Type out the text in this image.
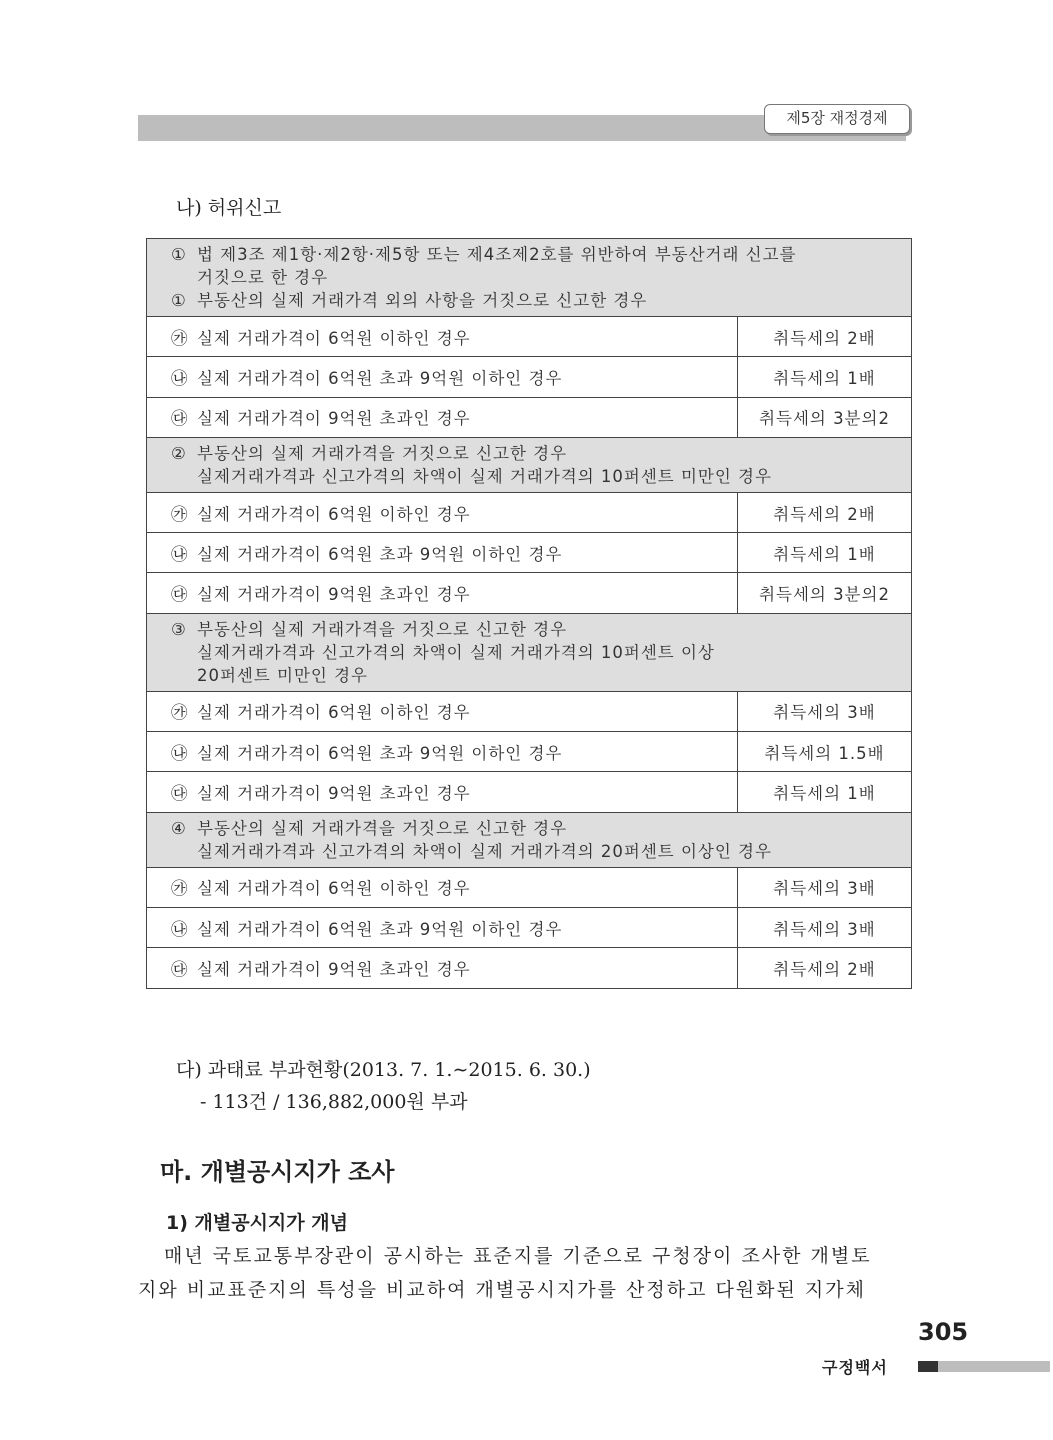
제5장 재정경제
나) 허위신고
① 법 제3조 제1항·제2항·제5항 또는 제4조제2호를 위반하여 부동산거래 신고를
거짓으로 한 경우
① 부동산의 실제 거래가격 외의 사항을 거짓으로 신고한 경우	

㉮ 실제 거래가격이 6억원 이하인 경우	취득세의 2배
㉯ 실제 거래가격이 6억원 초과 9억원 이하인 경우	취득세의 1배
㉰ 실제 거래가격이 9억원 초과인 경우	취득세의 3분의2

② 부동산의 실제 거래가격을 거짓으로 신고한 경우
실제거래가격과 신고가격의 차액이 실제 거래가격의 10퍼센트 미만인 경우	

㉮ 실제 거래가격이 6억원 이하인 경우	취득세의 2배
㉯ 실제 거래가격이 6억원 초과 9억원 이하인 경우	취득세의 1배
㉰ 실제 거래가격이 9억원 초과인 경우	취득세의 3분의2

③ 부동산의 실제 거래가격을 거짓으로 신고한 경우
실제거래가격과 신고가격의 차액이 실제 거래가격의 10퍼센트 이상
20퍼센트 미만인 경우	

㉮ 실제 거래가격이 6억원 이하인 경우	취득세의 3배
㉯ 실제 거래가격이 6억원 초과 9억원 이하인 경우	취득세의 1.5배
㉰ 실제 거래가격이 9억원 초과인 경우	취득세의 1배

④ 부동산의 실제 거래가격을 거짓으로 신고한 경우
실제거래가격과 신고가격의 차액이 실제 거래가격의 20퍼센트 이상인 경우	

㉮ 실제 거래가격이 6억원 이하인 경우	취득세의 3배
㉯ 실제 거래가격이 6억원 초과 9억원 이하인 경우	취득세의 3배
㉰ 실제 거래가격이 9억원 초과인 경우	취득세의 2배
다) 과태료 부과현황(2013. 7. 1.∼2015. 6. 30.)
- 113건 / 136,882,000원 부과
마. 개별공시지가 조사
1) 개별공시지가 개념
매년 국토교통부장관이 공시하는 표준지를 기준으로 구청장이 조사한 개별토
지와 비교표준지의 특성을 비교하여 개별공시지가를 산정하고 다원화된 지가체
305
구정백서
